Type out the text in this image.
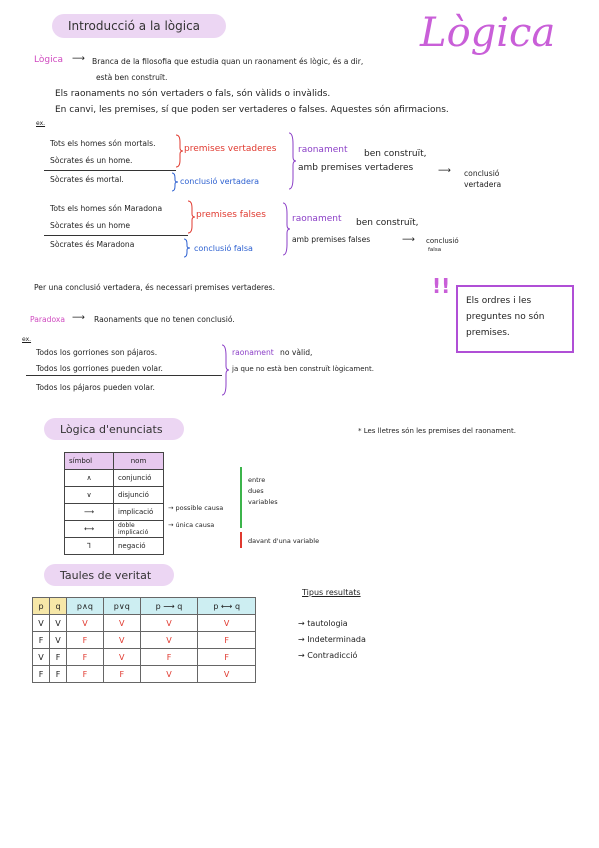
Lògica
Introducció a la lògica
Lògica ⟶ Branca de la filosofia que estudia quan un raonament és lògic, és a dir,
està ben construït.
Els raonaments no són vertaders o fals, són vàlids o invàlids.
En canvi, les premises, sí que poden ser vertaderes o falses. Aquestes són afirmacions.
ex.
Tots els homes són mortals.
Sòcrates és un home.
Sòcrates és mortal.
premises vertaderes
conclusió vertadera
raonament ben construït,
amb premises vertaderes	⟶ conclusió
vertadera
Tots els homes són Maradona
Sòcrates és un home
Sòcrates és Maradona
premises falses
conclusió falsa
raonament ben construït,
amb premises falses	⟶ conclusió
falsa
Per una conclusió vertadera, és necessari premises vertaderes.
Paradoxa ⟶ Raonaments que no tenen conclusió.
!!
Els ordres i les preguntes no són premises.
ex.
Todos los gorriones son pájaros.
Todos los gorriones pueden volar.
Todos los pájaros pueden volar.
raonament no vàlid,
ja que no està ben construït lògicament.
Lògica d'enunciats	* Les lletres són les premises del raonament.
símbol	nom
∧	conjunció
∨	disjunció
⟶	implicació
⟷	doble implicació
⅂	negació
→ possible causa
→ única causa
entre
dues
variables
davant d'una variable
Taules de veritat
p	q	p∧q	p∨q	p ⟶ q	p ⟷ q
V	V	V	V	V	V
F	V	F	V	V	F
V	F	F	V	F	F
F	F	F	F	V	V
Tipus resultats
→ tautologia
→ Indeterminada
→ Contradicció
